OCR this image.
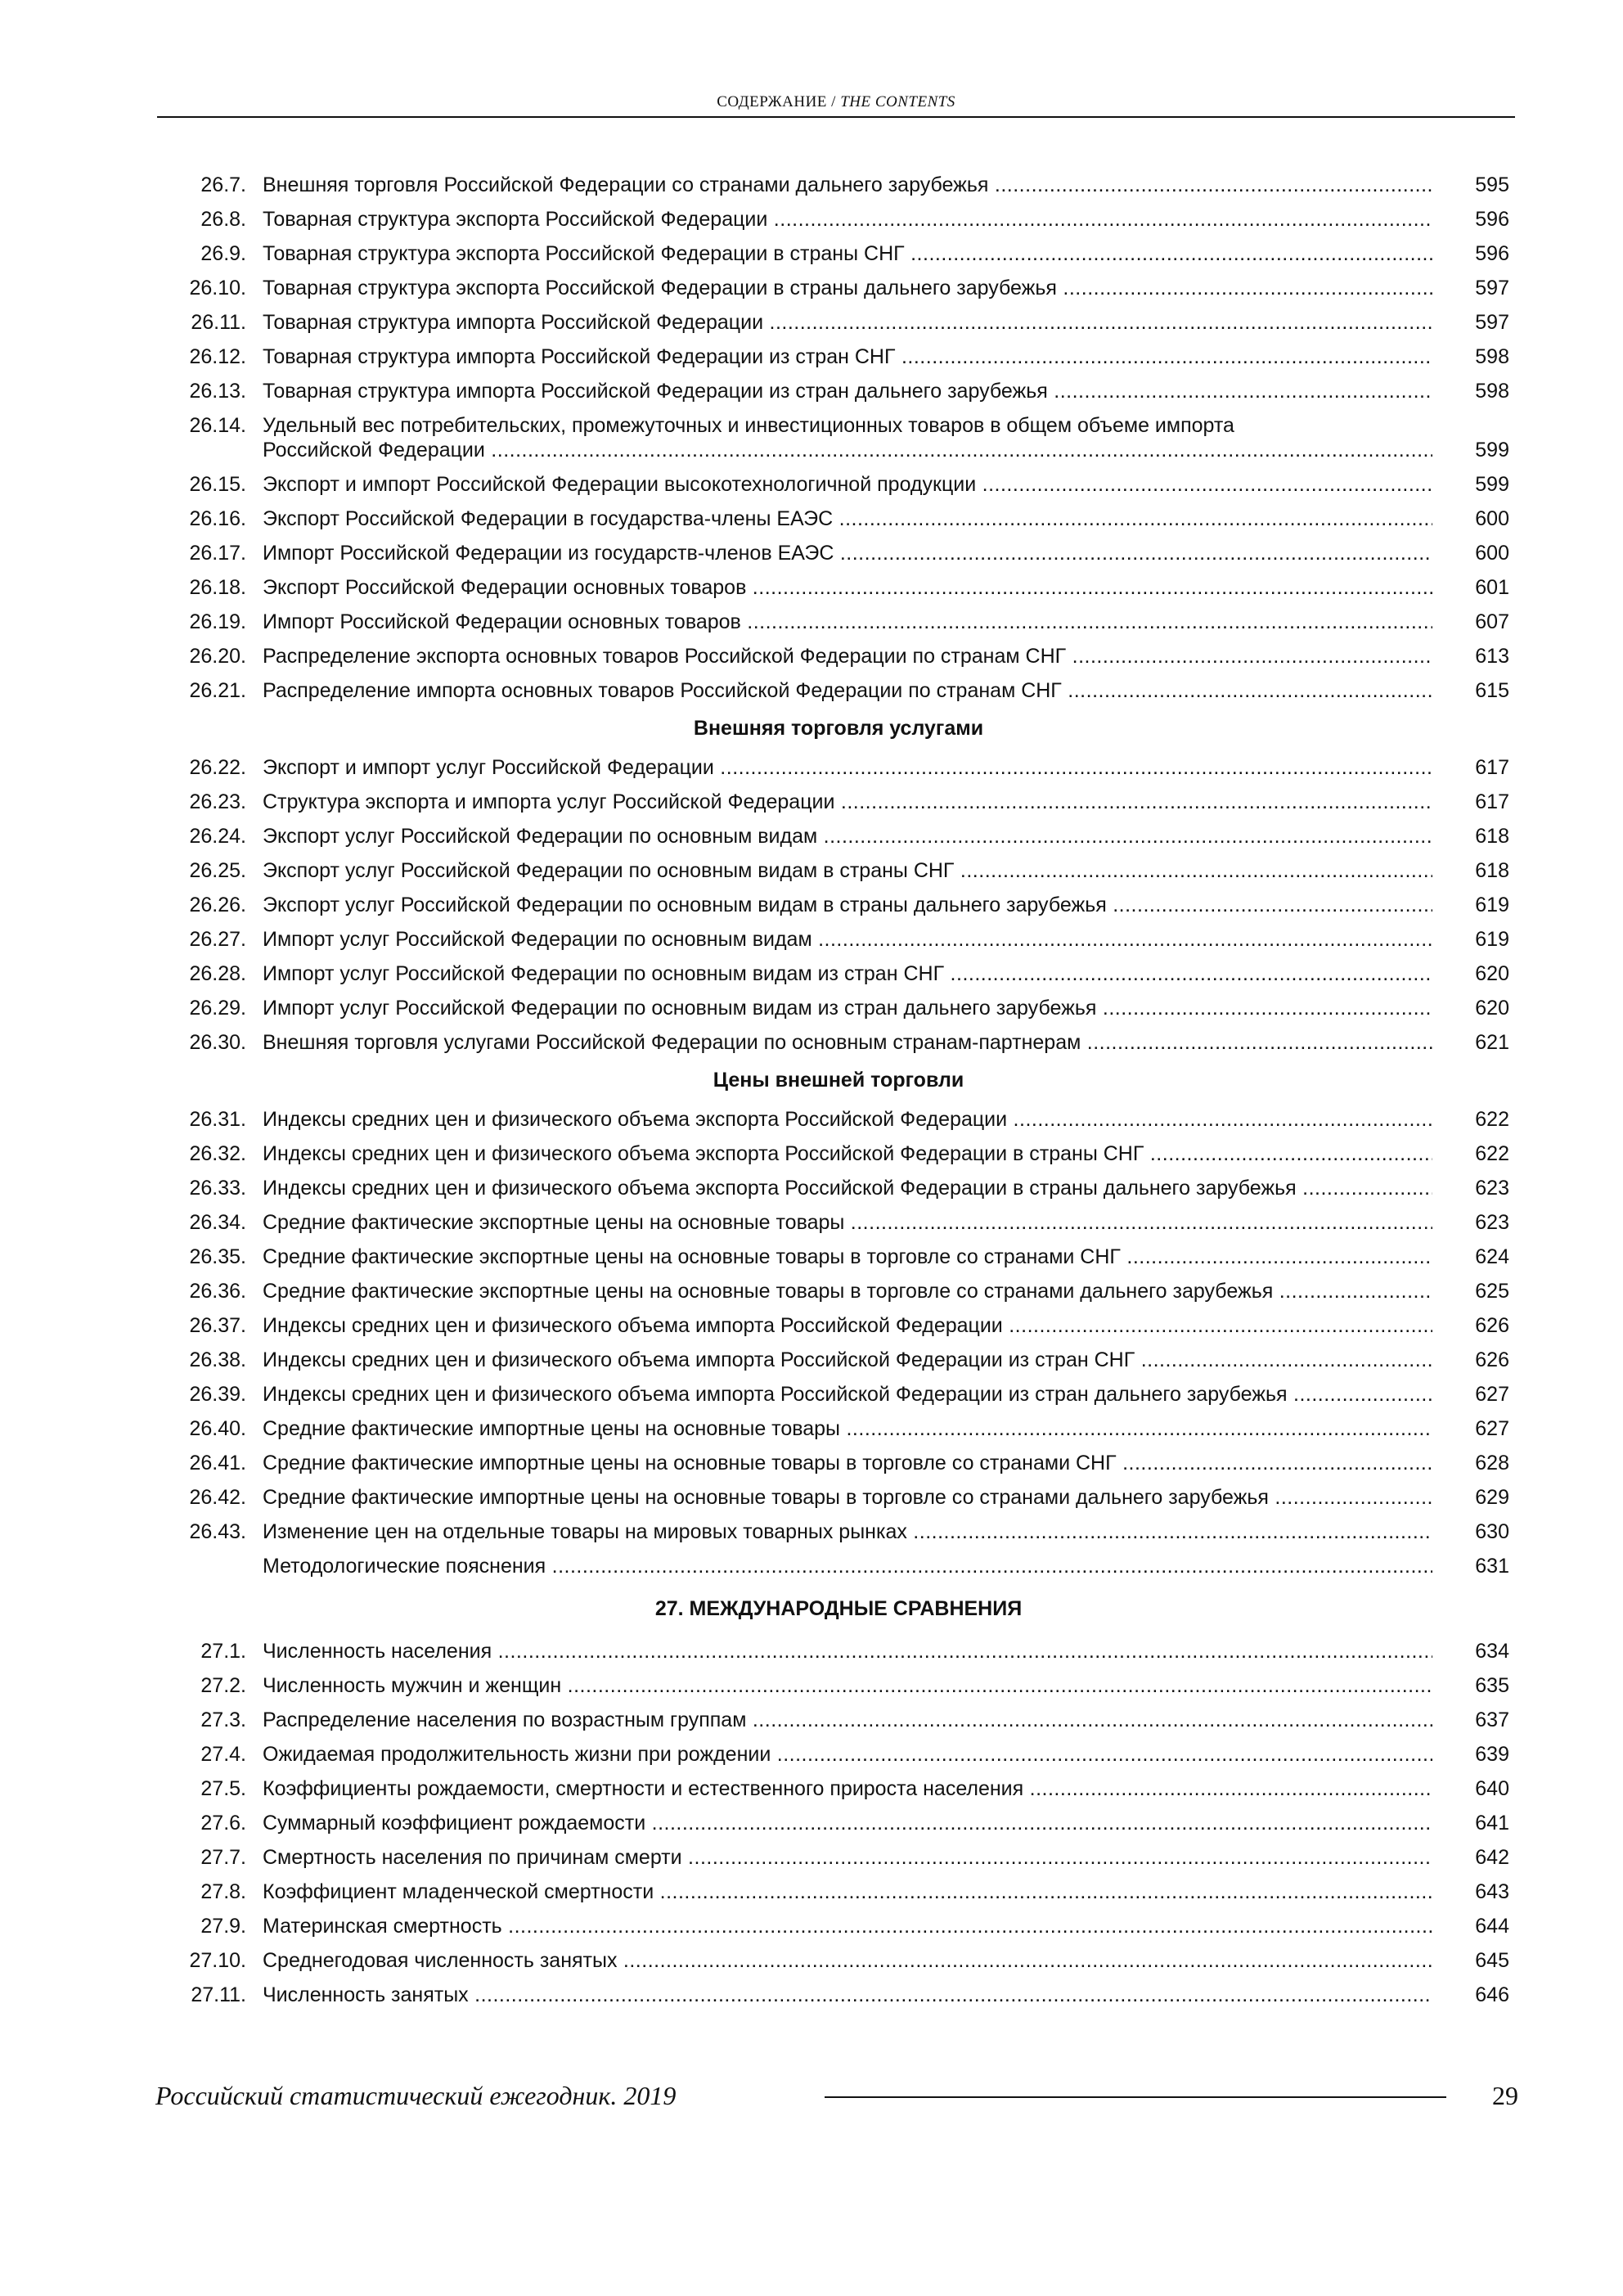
СОДЕРЖАНИЕ / THE CONTENTS
26.7. Внешняя торговля Российской Федерации со странами дальнего зарубежья .....	595
26.8. Товарная структура экспорта Российской Федерации .....	596
26.9. Товарная структура экспорта Российской Федерации в страны СНГ .....	596
26.10. Товарная структура экспорта Российской Федерации в страны дальнего зарубежья .....	597
26.11. Товарная структура импорта Российской Федерации .....	597
26.12. Товарная структура импорта Российской Федерации из стран СНГ .....	598
26.13. Товарная структура импорта Российской Федерации из стран дальнего зарубежья .....	598
26.14. Удельный вес потребительских, промежуточных и инвестиционных товаров в общем объеме импорта
Российской Федерации .....	599
26.15. Экспорт и импорт Российской Федерации высокотехнологичной продукции .....	599
26.16. Экспорт Российской Федерации в государства-члены ЕАЭС .....	600
26.17. Импорт Российской Федерации из государств-членов ЕАЭС .....	600
26.18. Экспорт Российской Федерации основных товаров .....	601
26.19. Импорт Российской Федерации основных товаров .....	607
26.20. Распределение экспорта основных товаров Российской Федерации по странам СНГ .....	613
26.21. Распределение импорта основных товаров Российской Федерации по странам СНГ .....	615
Внешняя торговля услугами
26.22. Экспорт и импорт услуг Российской Федерации .....	617
26.23. Структура экспорта и импорта услуг Российской Федерации .....	617
26.24. Экспорт услуг Российской Федерации по основным видам .....	618
26.25. Экспорт услуг Российской Федерации по основным видам в страны СНГ .....	618
26.26. Экспорт услуг Российской Федерации по основным видам в страны дальнего зарубежья .....	619
26.27. Импорт услуг Российской Федерации по основным видам .....	619
26.28. Импорт услуг Российской Федерации по основным видам из стран СНГ .....	620
26.29. Импорт услуг Российской Федерации по основным видам из стран дальнего зарубежья .....	620
26.30. Внешняя торговля услугами Российской Федерации по основным странам-партнерам .....	621
Цены внешней торговли
26.31. Индексы средних цен и физического объема экспорта Российской Федерации .....	622
26.32. Индексы средних цен и физического объема экспорта Российской Федерации в страны СНГ .....	622
26.33. Индексы средних цен и физического объема экспорта Российской Федерации в страны дальнего зарубежья .....	623
26.34. Средние фактические экспортные цены на основные товары .....	623
26.35. Средние фактические экспортные цены на основные товары в торговле со странами СНГ .....	624
26.36. Средние фактические экспортные цены на основные товары в торговле со странами дальнего зарубежья .....	625
26.37. Индексы средних цен и физического объема импорта Российской Федерации .....	626
26.38. Индексы средних цен и физического объема импорта Российской Федерации из стран СНГ .....	626
26.39. Индексы средних цен и физического объема импорта Российской Федерации из стран дальнего зарубежья .....	627
26.40. Средние фактические импортные цены на основные товары .....	627
26.41. Средние фактические импортные цены на основные товары в торговле со странами СНГ .....	628
26.42. Средние фактические импортные цены на основные товары в торговле со странами дальнего зарубежья .....	629
26.43. Изменение цен на отдельные товары на мировых товарных рынках .....	630
Методологические пояснения .....	631
27. МЕЖДУНАРОДНЫЕ СРАВНЕНИЯ
27.1. Численность населения .....	634
27.2. Численность мужчин и женщин .....	635
27.3. Распределение населения по возрастным группам .....	637
27.4. Ожидаемая продолжительность жизни при рождении .....	639
27.5. Коэффициенты рождаемости, смертности и естественного прироста населения .....	640
27.6. Суммарный коэффициент рождаемости .....	641
27.7. Смертность населения по причинам смерти .....	642
27.8. Коэффициент младенческой смертности .....	643
27.9. Материнская смертность .....	644
27.10. Среднегодовая численность занятых .....	645
27.11. Численность занятых .....	646
Российский статистический ежегодник. 2019	29
